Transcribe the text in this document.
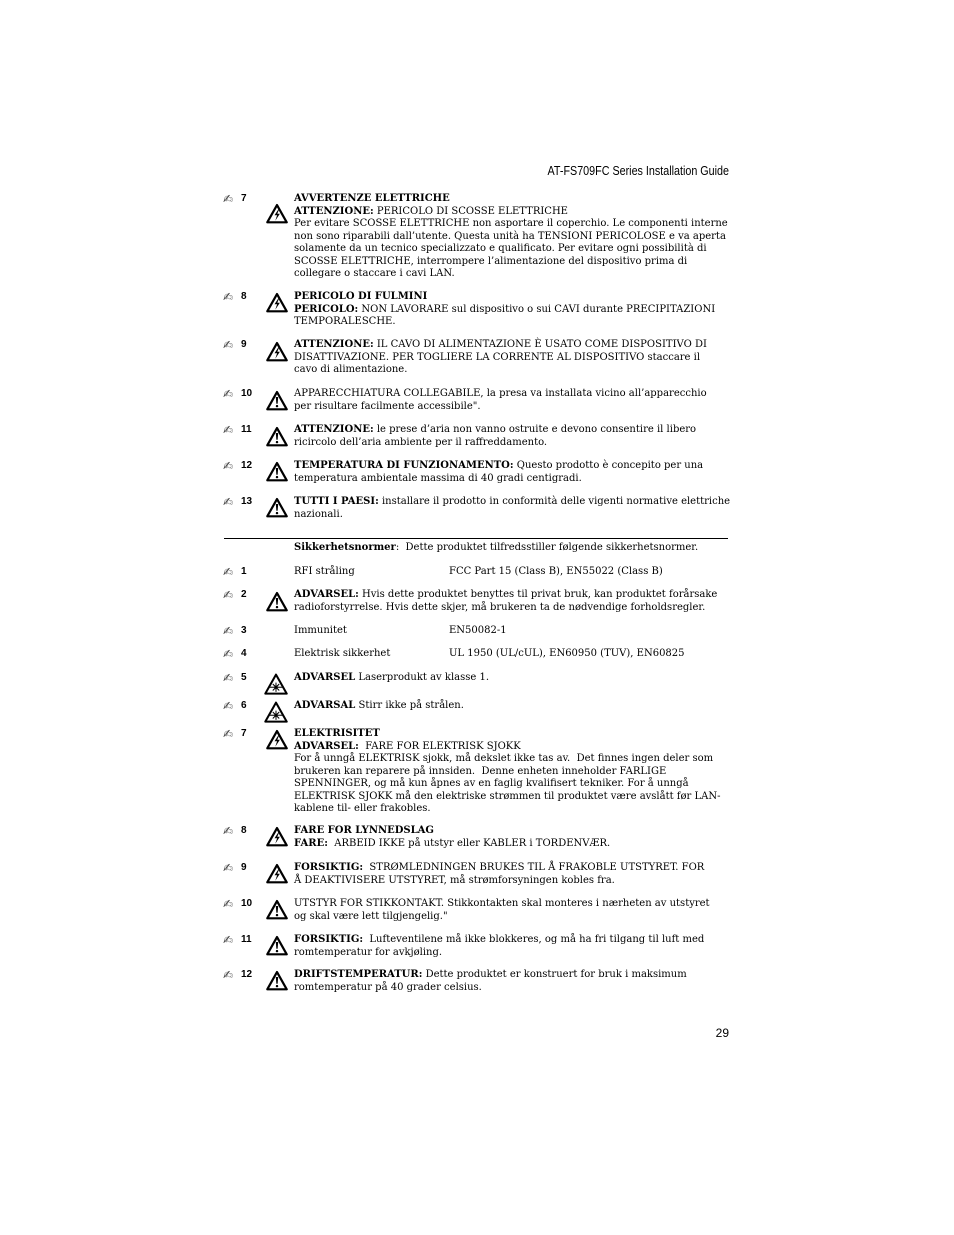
AT-FS709FC Series Installation Guide
Sikkerhetsnormer:  Dette produktet tilfredsstiller følgende sikkerhetsnormer.
29
✍ 7	AVVERTENZE ELETTRICHE
ATTENZIONE: PERICOLO DI SCOSSE ELETTRICHE
Per evitare SCOSSE ELETTRICHE non asportare il coperchio. Le componenti interne
non sono riparabili dall’utente. Questa unità ha TENSIONI PERICOLOSE e va aperta
solamente da un tecnico specializzato e qualificato. Per evitare ogni possibilità di
SCOSSE ELETTRICHE, interrompere l’alimentazione del dispositivo prima di
collegare o staccare i cavi LAN.
✍ 8	PERICOLO DI FULMINI
PERICOLO: NON LAVORARE sul dispositivo o sui CAVI durante PRECIPITAZIONI
TEMPORALESCHE.
✍ 9	ATTENZIONE: IL CAVO DI ALIMENTAZIONE È USATO COME DISPOSITIVO DI
DISATTIVAZIONE. PER TOGLIERE LA CORRENTE AL DISPOSITIVO staccare il
cavo di alimentazione.
✍ 10	APPARECCHIATURA COLLEGABILE, la presa va installata vicino all’apparecchio
per risultare facilmente accessibile".
✍ 11	ATTENZIONE: le prese d’aria non vanno ostruite e devono consentire il libero
ricircolo dell’aria ambiente per il raffreddamento.
✍ 12	TEMPERATURA DI FUNZIONAMENTO: Questo prodotto è concepito per una
temperatura ambientale massima di 40 gradi centigradi.
✍ 13	TUTTI I PAESI: installare il prodotto in conformità delle vigenti normative elettriche
nazionali.
✍ 1	RFI stråling	FCC Part 15 (Class B), EN55022 (Class B)
✍ 2	ADVARSEL: Hvis dette produktet benyttes til privat bruk, kan produktet forårsake
radioforstyrrelse. Hvis dette skjer, må brukeren ta de nødvendige forholdsregler.
✍ 3	Immunitet	EN50082-1
✍ 4	Elektrisk sikkerhet	UL 1950 (UL/cUL), EN60950 (TUV), EN60825
✍ 5	ADVARSEL Laserprodukt av klasse 1.
✍ 6	ADVARSAL Stirr ikke på strålen.
✍ 7	ELEKTRISITET
ADVARSEL:  FARE FOR ELEKTRISK SJOKK
For å unngå ELEKTRISK sjokk, må dekslet ikke tas av.  Det finnes ingen deler som
brukeren kan reparere på innsiden.  Denne enheten inneholder FARLIGE
SPENNINGER, og må kun åpnes av en faglig kvalifisert tekniker. For å unngå
ELEKTRISK SJOKK må den elektriske strømmen til produktet være avslått før LAN-
kablene til- eller frakobles.
✍ 8	FARE FOR LYNNEDSLAG
FARE:  ARBEID IKKE på utstyr eller KABLER i TORDENVÆR.
✍ 9	FORSIKTIG:  STRØMLEDNINGEN BRUKES TIL Å FRAKOBLE UTSTYRET. FOR
Å DEAKTIVISERE UTSTYRET, må strømforsyningen kobles fra.
✍ 10	UTSTYR FOR STIKKONTAKT. Stikkontakten skal monteres i nærheten av utstyret
og skal være lett tilgjengelig."
✍ 11	FORSIKTIG:  Lufteventilene må ikke blokkeres, og må ha fri tilgang til luft med
romtemperatur for avkjøling.
✍ 12	DRIFTSTEMPERATUR: Dette produktet er konstruert for bruk i maksimum
romtemperatur på 40 grader celsius.
